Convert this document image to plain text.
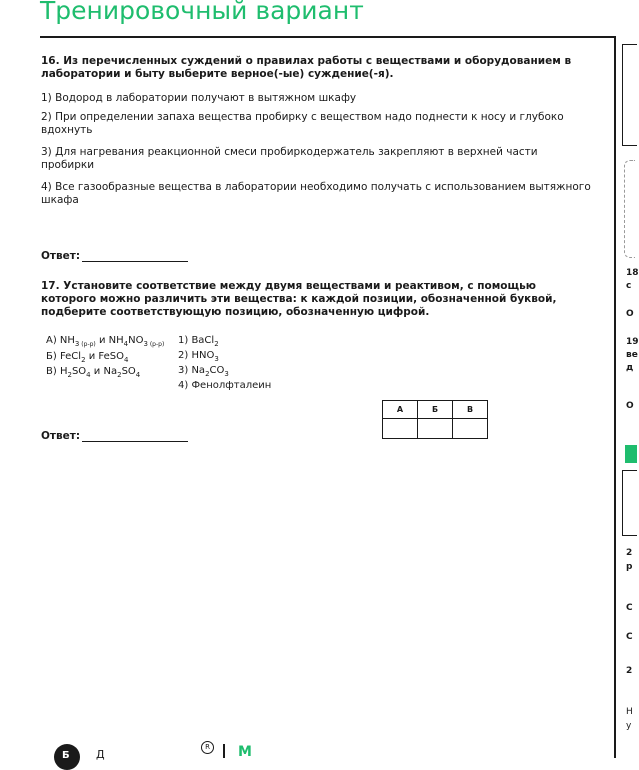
Тренировочный вариант
16. Из перечисленных суждений о правилах работы с веществами и оборудованием в лаборатории и быту выберите верное(-ые) суждение(-я).
1) Водород в лаборатории получают в вытяжном шкафу
2) При определении запаха вещества пробирку с веществом надо поднести к носу и глубоко вдохнуть
3) Для нагревания реакционной смеси пробиркодержатель закрепляют в верхней части пробирки
4) Все газообразные вещества в лаборатории необходимо получать с использованием вытяжного шкафа
Ответ:
17. Установите соответствие между двумя веществами и реактивом, с помощью которого можно различить эти вещества: к каждой позиции, обозначенной буквой, подберите соответствующую позицию, обозначенную цифрой.
А) $NH_3$ $_{(р-р)}$ и $NH_4NO_3$ $_{(р-р)}$
Б) FeCl$_2$ и FeSO$_4$
В) $H_2SO_4$ и $Na_2SO_4$
1) BaCl$_2$
2) $HNO_3$
3) $Na_2CO_3$
4) Фенолфталеин
А	Б	В

Ответ:
18
с
О
19
ве
д
О
2
р
С
С
2
Н
у
Б Д
R М
